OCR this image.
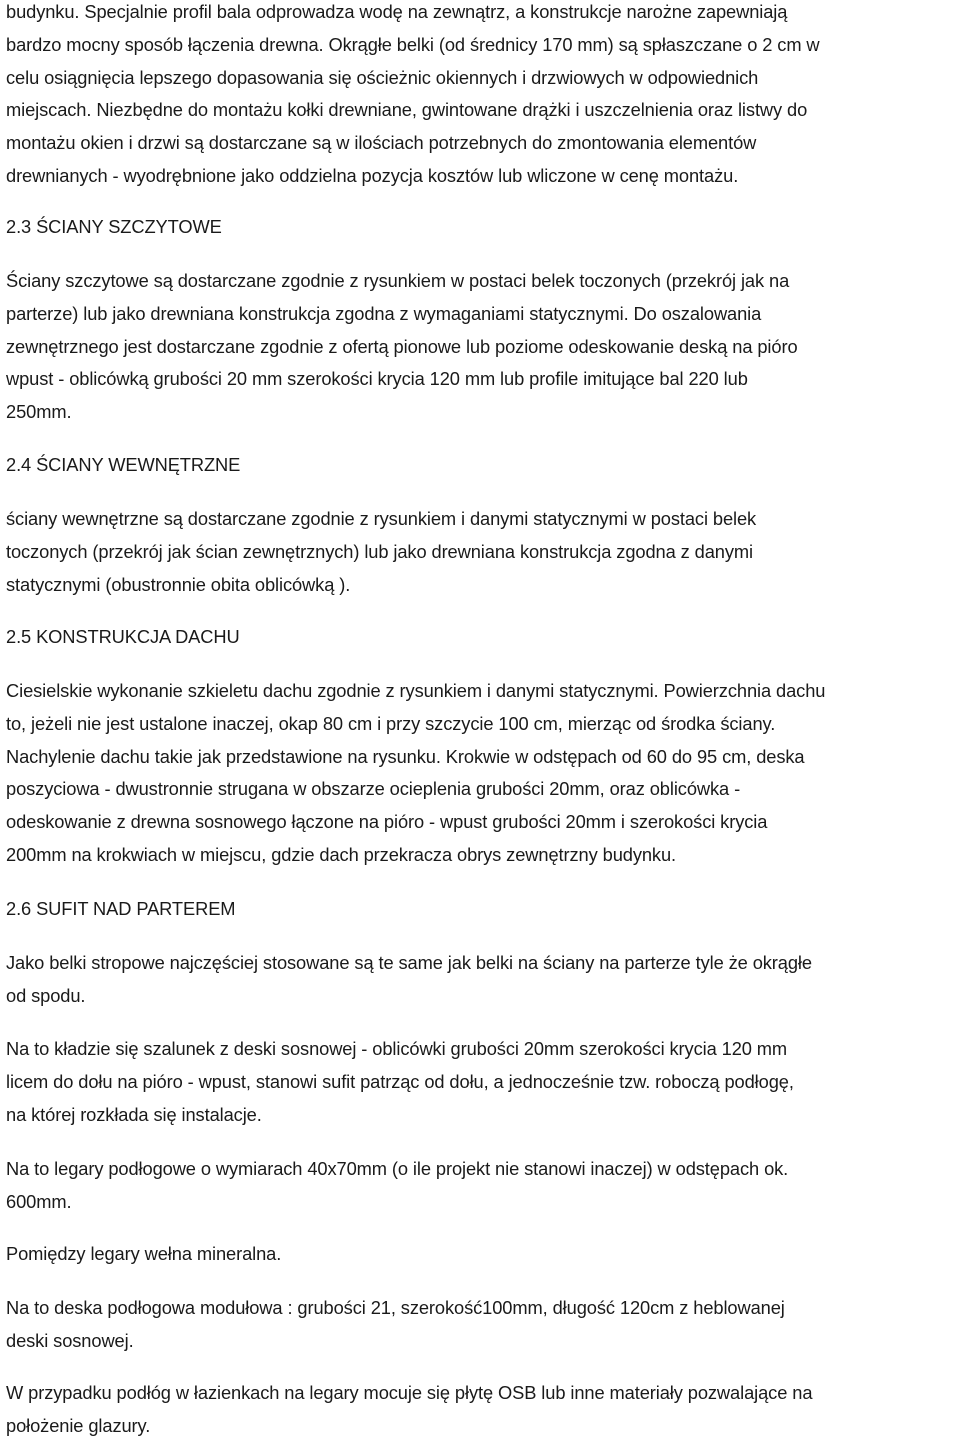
budynku. Specjalnie profil bala odprowadza wodę na zewnątrz, a konstrukcje narożne zapewniają
bardzo mocny sposób łączenia drewna. Okrągłe belki (od średnicy 170 mm) są spłaszczane o 2 cm w
celu osiągnięcia lepszego dopasowania się ościeżnic okiennych i drzwiowych w odpowiednich
miejscach. Niezbędne do montażu kołki drewniane, gwintowane drążki i uszczelnienia oraz listwy do
montażu okien i drzwi są dostarczane są w ilościach potrzebnych do zmontowania elementów
drewnianych - wyodrębnione jako oddzielna pozycja kosztów lub wliczone w cenę montażu.

2.3 ŚCIANY SZCZYTOWE

Ściany szczytowe są dostarczane zgodnie z rysunkiem w postaci belek toczonych (przekrój jak na
parterze) lub jako drewniana konstrukcja zgodna z wymaganiami statycznymi. Do oszalowania
zewnętrznego jest dostarczane zgodnie z ofertą pionowe lub poziome odeskowanie deską na pióro
wpust - oblicówką grubości 20 mm szerokości krycia 120 mm lub profile imitujące bal 220 lub
250mm.

2.4 ŚCIANY WEWNĘTRZNE

ściany wewnętrzne są dostarczane zgodnie z rysunkiem i danymi statycznymi w postaci belek
toczonych (przekrój jak ścian zewnętrznych) lub jako drewniana konstrukcja zgodna z danymi
statycznymi (obustronnie obita oblicówką ).

2.5 KONSTRUKCJA DACHU

Ciesielskie wykonanie szkieletu dachu zgodnie z rysunkiem i danymi statycznymi. Powierzchnia dachu
to, jeżeli nie jest ustalone inaczej, okap 80 cm i przy szczycie 100 cm, mierząc od środka ściany.
Nachylenie dachu takie jak przedstawione na rysunku. Krokwie w odstępach od 60 do 95 cm, deska
poszyciowa - dwustronnie strugana w obszarze ocieplenia grubości 20mm, oraz oblicówka -
odeskowanie z drewna sosnowego łączone na pióro - wpust grubości 20mm i szerokości krycia
200mm na krokwiach w miejscu, gdzie dach przekracza obrys zewnętrzny budynku.

2.6 SUFIT NAD PARTEREM

Jako belki stropowe najczęściej stosowane są te same jak belki na ściany na parterze tyle że okrągłe
od spodu.

Na to kładzie się szalunek z deski sosnowej - oblicówki grubości 20mm szerokości krycia 120 mm
licem do dołu na pióro - wpust, stanowi sufit patrząc od dołu, a jednocześnie tzw. roboczą podłogę,
na której rozkłada się instalacje.

Na to legary podłogowe o wymiarach 40x70mm (o ile projekt nie stanowi inaczej) w odstępach ok.
600mm.

Pomiędzy legary wełna mineralna.

Na to deska podłogowa modułowa : grubości 21, szerokość100mm, długość 120cm z heblowanej
deski sosnowej.

W przypadku podłóg w łazienkach na legary mocuje się płytę OSB lub inne materiały pozwalające na
położenie glazury.
